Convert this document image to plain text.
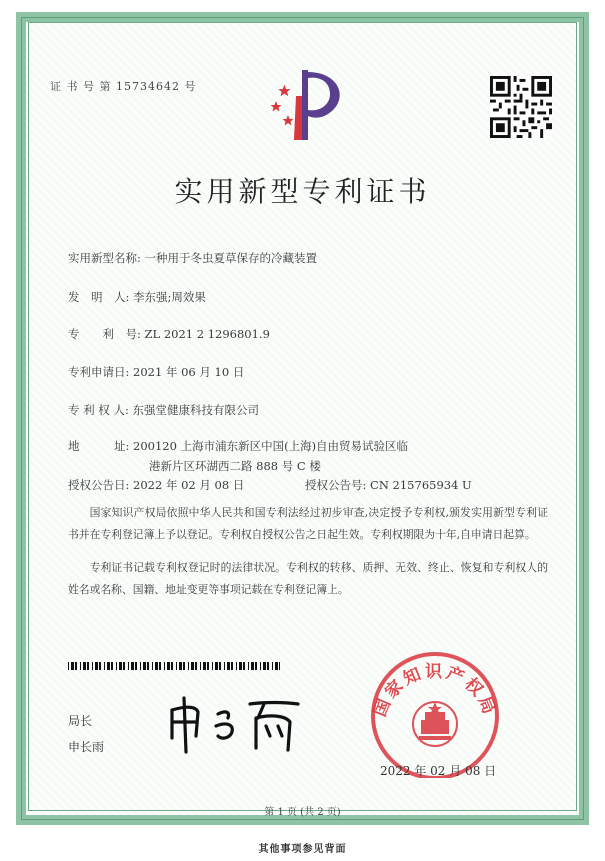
证 书 号 第 15734642 号
实用新型专利证书
实用新型名称: 一种用于冬虫夏草保存的冷藏装置
发　明　人: 李东强;周效果
专　　利　号: ZL 2021 2 1296801.9
专利申请日: 2021 年 06 月 10 日
专 利 权 人: 东强堂健康科技有限公司
地　　　址: 200120 上海市浦东新区中国(上海)自由贸易试验区临
港新片区环湖西二路 888 号 C 楼
授权公告日: 2022 年 02 月 08 日	授权公告号: CN 215765934 U
国家知识产权局依照中华人民共和国专利法经过初步审查,决定授予专利权,颁发实用新型专利证书并在专利登记簿上予以登记。专利权自授权公告之日起生效。专利权期限为十年,自申请日起算。
专利证书记载专利权登记时的法律状况。专利权的转移、质押、无效、终止、恢复和专利权人的姓名或名称、国籍、地址变更等事项记载在专利登记簿上。
局长
申长雨
国家知识产权局
2022 年 02 月 08 日
第 1 页 (共 2 页)
其他事项参见背面
